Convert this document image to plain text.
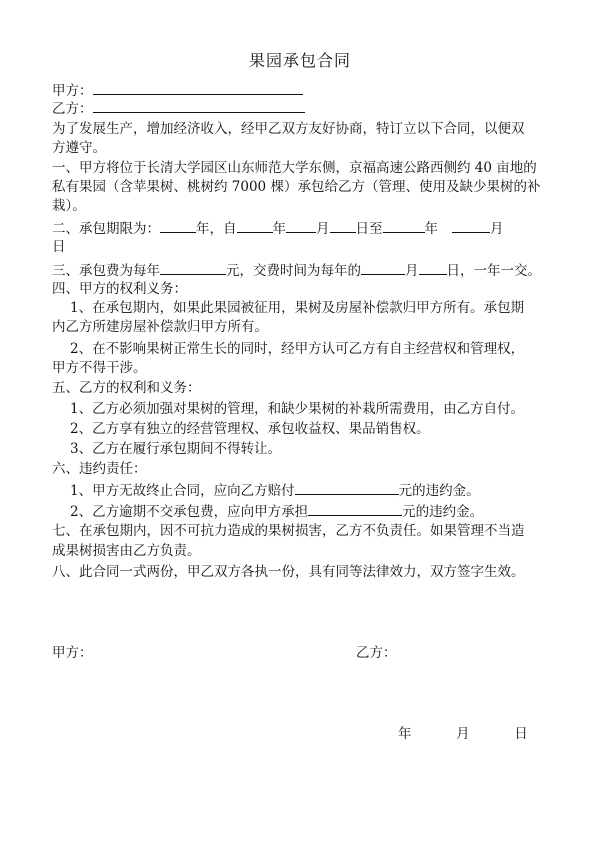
果园承包合同
甲方：
乙方：
为了发展生产，增加经济收入，经甲乙双方友好协商，特订立以下合同，以便双
方遵守。
一、甲方将位于长清大学园区山东师范大学东侧，京福高速公路西侧约 40 亩地的
私有果园（含苹果树、桃树约 7000 棵）承包给乙方（管理、使用及缺少果树的补
栽）。
二、承包期限为：	年，自	年 月 日至	年	月
日
三、承包费为每年	元，交费时间为每年的	月 日，一年一交。
四、甲方的权利义务：
1、在承包期内，如果此果园被征用，果树及房屋补偿款归甲方所有。承包期
内乙方所建房屋补偿款归甲方所有。
2、在不影响果树正常生长的同时，经甲方认可乙方有自主经营权和管理权，
甲方不得干涉。
五、乙方的权利和义务：
1、乙方必须加强对果树的管理，和缺少果树的补栽所需费用，由乙方自付。
2、乙方享有独立的经营管理权、承包收益权、果品销售权。
3、乙方在履行承包期间不得转让。
六、违约责任：
1、甲方无故终止合同，应向乙方赔付	元的违约金。
2、乙方逾期不交承包费，应向甲方承担	元的违约金。
七、在承包期内，因不可抗力造成的果树损害，乙方不负责任。如果管理不当造
成果树损害由乙方负责。
八、此合同一式两份，甲乙双方各执一份，具有同等法律效力，双方签字生效。
甲方：	乙方：
年	月	日
